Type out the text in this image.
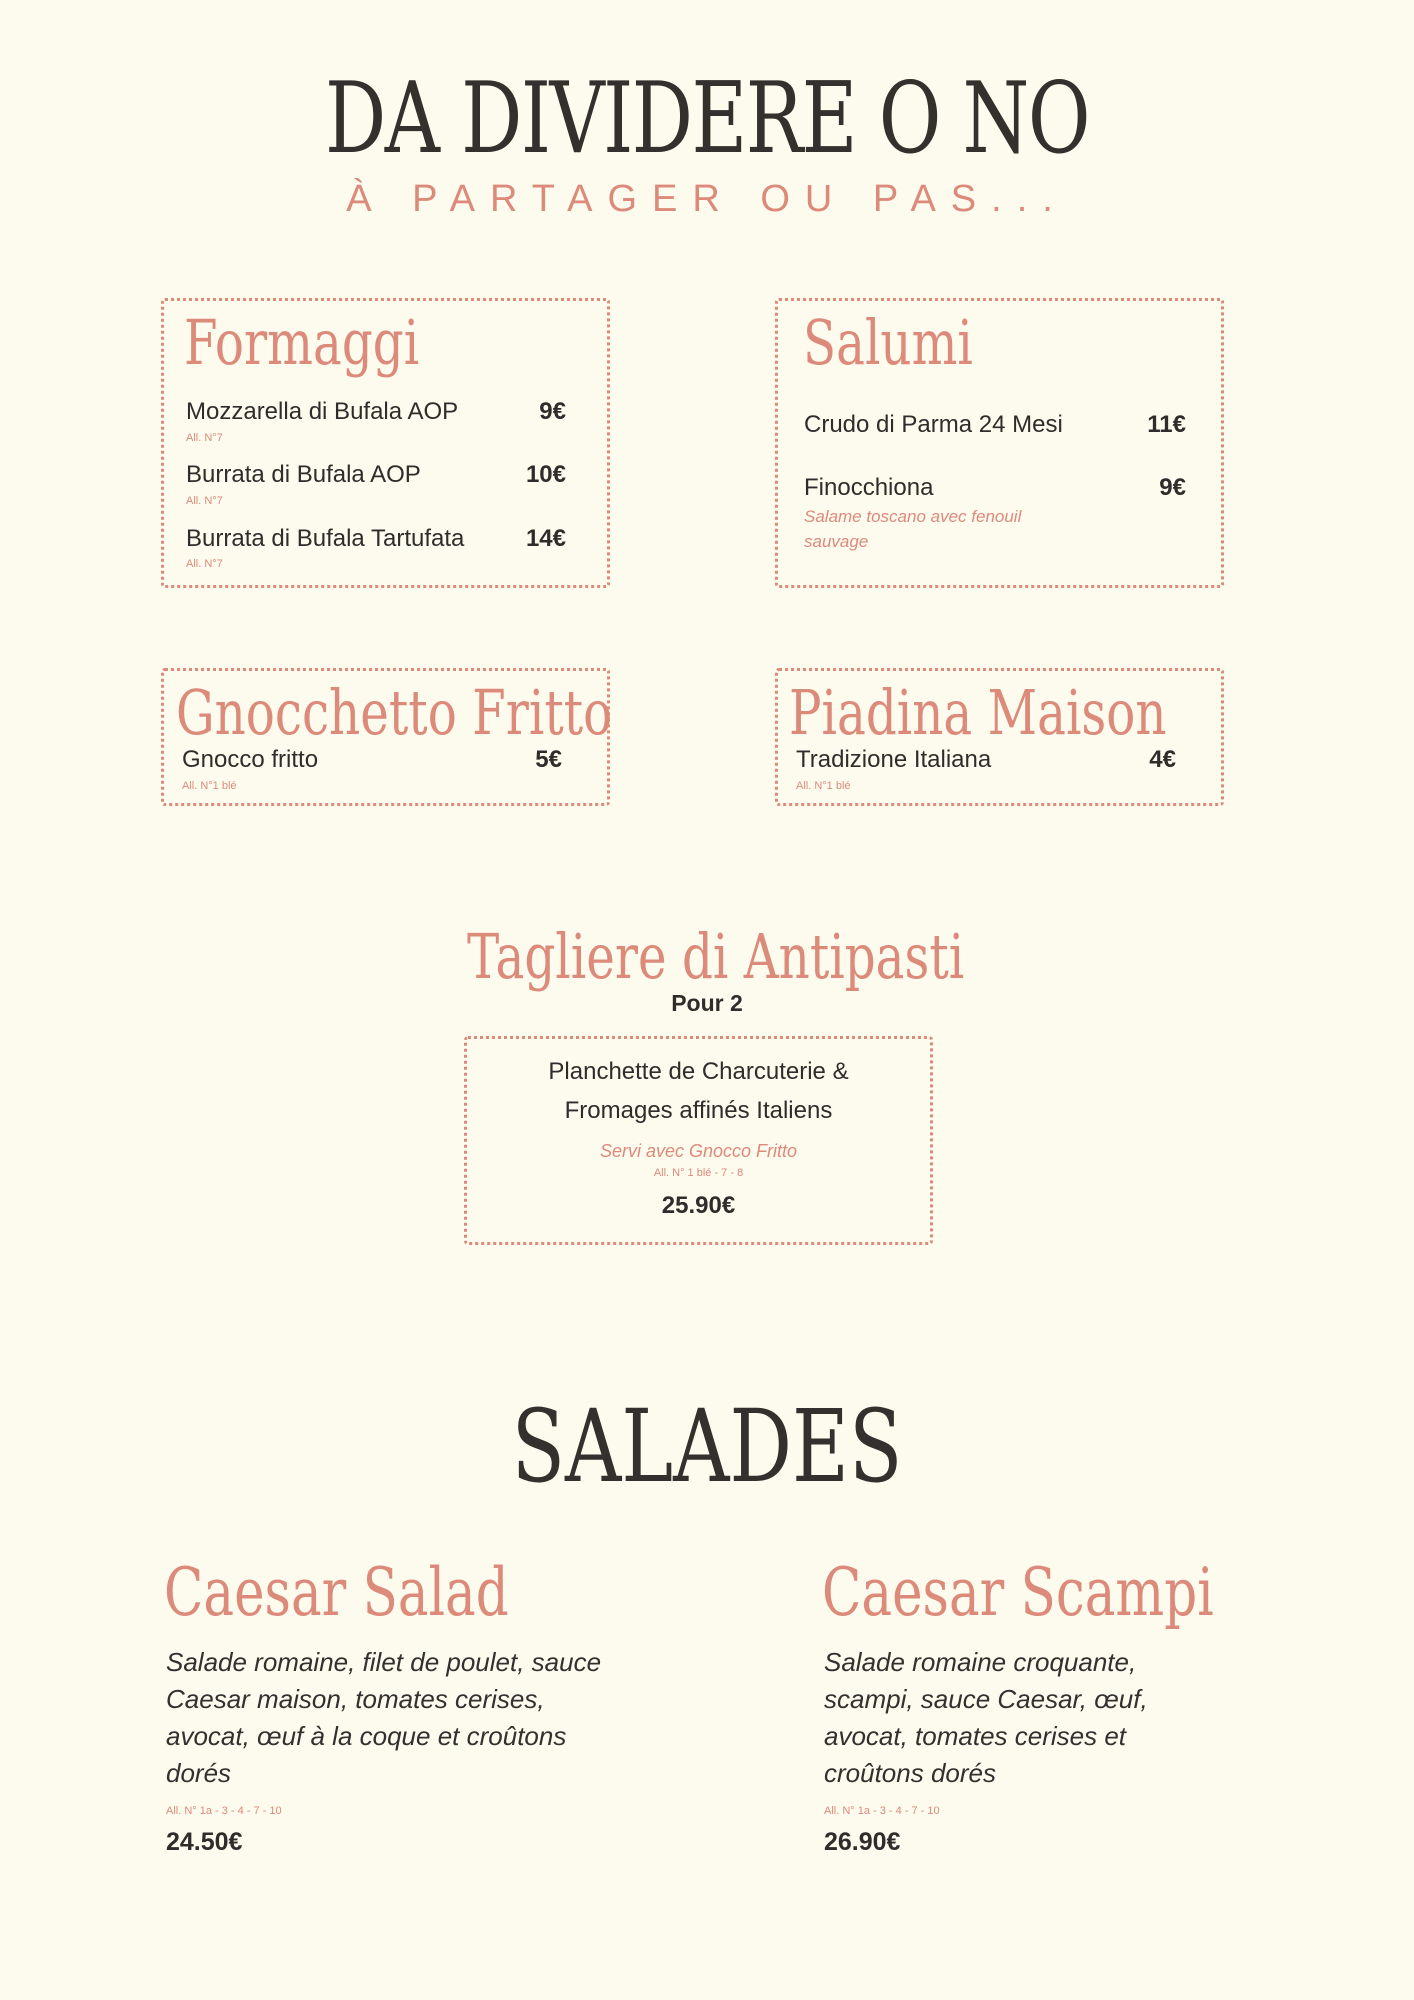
DA DIVIDERE O NO
À PARTAGER OU PAS...
Formaggi
Mozzarella di Bufala AOP	9€
All. N°7
Burrata di Bufala AOP	10€
All. N°7
Burrata di Bufala Tartufata	14€
All. N°7
Salumi
Crudo di Parma 24 Mesi	11€
Finocchiona	9€
Salame toscano avec fenouil
sauvage
Gnocchetto Fritto
Gnocco fritto	5€
All. N°1 blé
Piadina Maison
Tradizione Italiana	4€
All. N°1 blé
Tagliere di Antipasti
Pour 2
Planchette de Charcuterie &
Fromages affinés Italiens
Servi avec Gnocco Fritto
All. N° 1 blé - 7 - 8
25.90€
SALADES
Caesar Salad
Salade romaine, filet de poulet, sauce
Caesar maison, tomates cerises,
avocat, œuf à la coque et croûtons
dorés
All. N° 1a - 3 - 4 - 7 - 10
24.50€
Caesar Scampi
Salade romaine croquante,
scampi, sauce Caesar, œuf,
avocat, tomates cerises et
croûtons dorés
All. N° 1a - 3 - 4 - 7 - 10
26.90€
